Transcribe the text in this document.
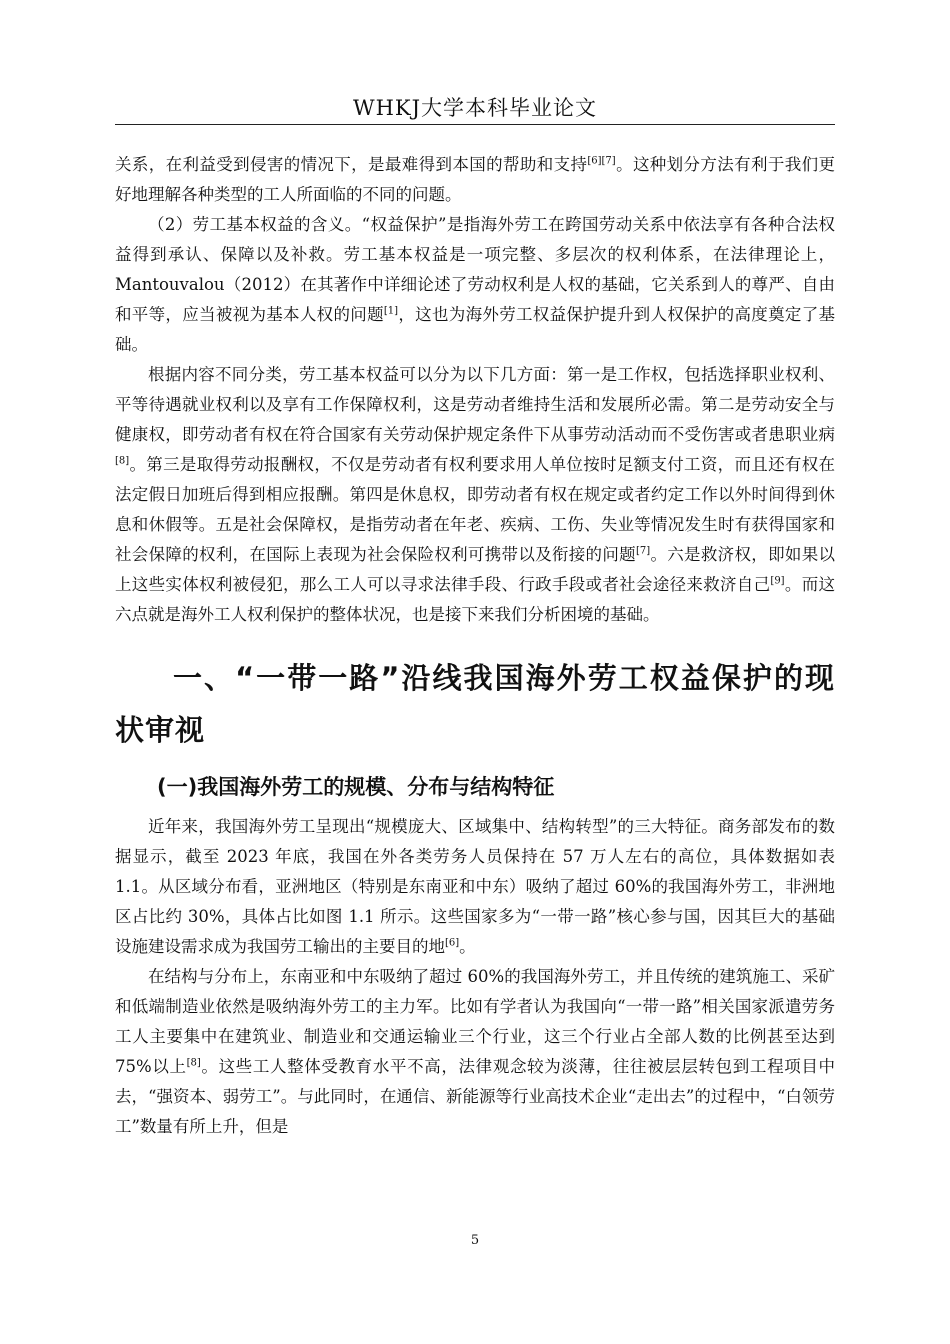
WHKJ大学本科毕业论文

关系，在利益受到侵害的情况下，是最难得到本国的帮助和支持[6][7]。这种划分方法有利于我们更好地理解各种类型的工人所面临的不同的问题。

（2）劳工基本权益的含义。“权益保护”是指海外劳工在跨国劳动关系中依法享有各种合法权益得到承认、保障以及补救。劳工基本权益是一项完整、多层次的权利体系，在法律理论上，Mantouvalou（2012）在其著作中详细论述了劳动权利是人权的基础，它关系到人的尊严、自由和平等，应当被视为基本人权的问题[1]，这也为海外劳工权益保护提升到人权保护的高度奠定了基础。

根据内容不同分类，劳工基本权益可以分为以下几方面：第一是工作权，包括选择职业权利、平等待遇就业权利以及享有工作保障权利，这是劳动者维持生活和发展所必需。第二是劳动安全与健康权，即劳动者有权在符合国家有关劳动保护规定条件下从事劳动活动而不受伤害或者患职业病[8]。第三是取得劳动报酬权，不仅是劳动者有权利要求用人单位按时足额支付工资，而且还有权在法定假日加班后得到相应报酬。第四是休息权，即劳动者有权在规定或者约定工作以外时间得到休息和休假等。五是社会保障权，是指劳动者在年老、疾病、工伤、失业等情况发生时有获得国家和社会保障的权利，在国际上表现为社会保险权利可携带以及衔接的问题[7]。六是救济权，即如果以上这些实体权利被侵犯，那么工人可以寻求法律手段、行政手段或者社会途径来救济自己[9]。而这六点就是海外工人权利保护的整体状况，也是接下来我们分析困境的基础。

一、“一带一路”沿线我国海外劳工权益保护的现状审视
(一)我国海外劳工的规模、分布与结构特征

近年来，我国海外劳工呈现出“规模庞大、区域集中、结构转型”的三大特征。商务部发布的数据显示，截至 2023 年底，我国在外各类劳务人员保持在 57 万人左右的高位，具体数据如表 1.1。从区域分布看，亚洲地区（特别是东南亚和中东）吸纳了超过 60%的我国海外劳工，非洲地区占比约 30%，具体占比如图 1.1 所示。这些国家多为“一带一路”核心参与国，因其巨大的基础设施建设需求成为我国劳工输出的主要目的地[6]。

在结构与分布上，东南亚和中东吸纳了超过 60%的我国海外劳工，并且传统的建筑施工、采矿和低端制造业依然是吸纳海外劳工的主力军。比如有学者认为我国向“一带一路”相关国家派遣劳务工人主要集中在建筑业、制造业和交通运输业三个行业，这三个行业占全部人数的比例甚至达到 75%以上[8]。这些工人整体受教育水平不高，法律观念较为淡薄，往往被层层转包到工程项目中去，“强资本、弱劳工”。与此同时，在通信、新能源等行业高技术企业“走出去”的过程中，“白领劳工”数量有所上升，但是

5
